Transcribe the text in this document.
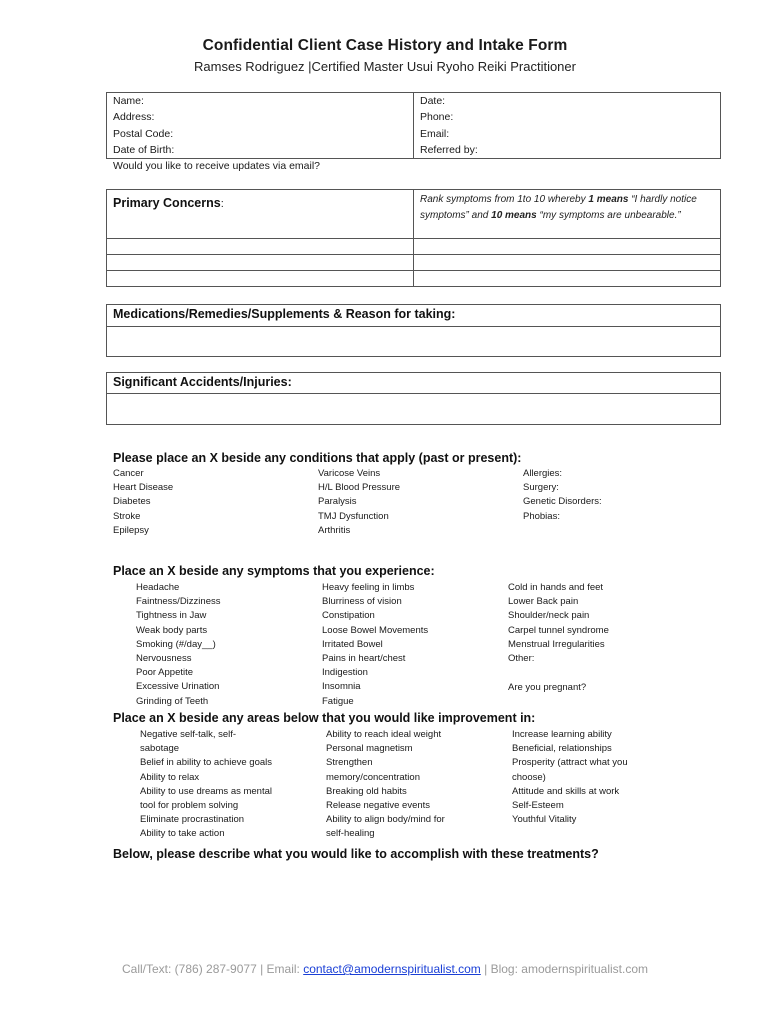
Confidential Client Case History and Intake Form
Ramses Rodriguez |Certified Master Usui Ryoho Reiki Practitioner
Name:
Address:
Postal Code:
Date of Birth:
Would you like to receive updates via email?
Date:
Phone:
Email:
Referred by:
Primary Concerns:	Rank symptoms from 1to 10 whereby 1 means “I hardly notice symptoms” and 10 means “my symptoms are unbearable.”
Medications/Remedies/Supplements & Reason for taking:
Significant Accidents/Injuries:
Please place an X beside any conditions that apply (past or present):
Cancer
Heart Disease
Diabetes
Stroke
Epilepsy
Varicose Veins
H/L Blood Pressure
Paralysis
TMJ Dysfunction
Arthritis
Allergies:
Surgery:
Genetic Disorders:
Phobias:
Place an X beside any symptoms that you experience:
Headache
Faintness/Dizziness
Tightness in Jaw
Weak body parts
Smoking (#/day__)
Nervousness
Poor Appetite
Excessive Urination
Grinding of Teeth
Heavy feeling in limbs
Blurriness of vision
Constipation
Loose Bowel Movements
Irritated Bowel
Pains in heart/chest
Indigestion
Insomnia
Fatigue
Cold in hands and feet
Lower Back pain
Shoulder/neck pain
Carpel tunnel syndrome
Menstrual Irregularities
Other:
Are you pregnant?
Place an X beside any areas below that you would like improvement in:
Negative self-talk, self-
sabotage
Belief in ability to achieve goals
Ability to relax
Ability to use dreams as mental
tool for problem solving
Eliminate procrastination
Ability to take action
Ability to reach ideal weight
Personal magnetism
Strengthen
memory/concentration
Breaking old habits
Release negative events
Ability to align body/mind for
self-healing
Increase learning ability
Beneficial, relationships
Prosperity (attract what you
choose)
Attitude and skills at work
Self-Esteem
Youthful Vitality
Below, please describe what you would like to accomplish with these treatments?
Call/Text: (786) 287-9077 | Email: contact@amodernspiritualist.com | Blog: amodernspiritualist.com
